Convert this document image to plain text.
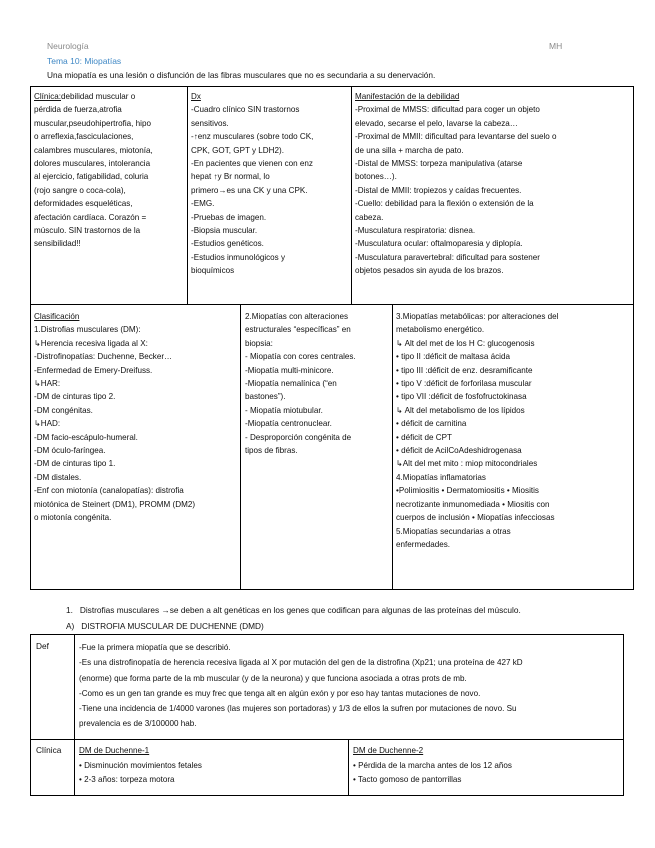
Neurología	MH
Tema 10: Miopatías
Una miopatía es una lesión o disfunción de las fibras musculares que no es secundaria a su denervación.
Clínica:debilidad muscular o
pérdida de fuerza,atrofia
muscular,pseudohipertrofia, hipo
o arreflexia,fasciculaciones,
calambres musculares, miotonía,
dolores musculares, intolerancia
al ejercicio, fatigabilidad, coluria
(rojo sangre o coca-cola),
deformidades esqueléticas,
afectación cardíaca. Corazón =
músculo. SIN trastornos de la
sensibilidad!!
Dx
-Cuadro clínico SIN trastornos
sensitivos.
-↑enz musculares (sobre todo CK,
CPK, GOT, GPT y LDH2).
-En pacientes que vienen con enz
hepat ↑y Br normal, lo
primero→es una CK y una CPK.
-EMG.
-Pruebas de imagen.
-Biopsia muscular.
-Estudios genéticos.
-Estudios inmunológicos y
bioquímicos
Manifestación de la debilidad
-Proximal de MMSS: dificultad para coger un objeto
elevado, secarse el pelo, lavarse la cabeza…
-Proximal de MMII: dificultad para levantarse del suelo o
de una silla + marcha de pato.
-Distal de MMSS: torpeza manipulativa (atarse
botones…).
-Distal de MMII: tropiezos y caídas frecuentes.
-Cuello: debilidad para la flexión o extensión de la
cabeza.
-Musculatura respiratoria: disnea.
-Musculatura ocular: oftalmoparesia y diplopía.
-Musculatura paravertebral: dificultad para sostener
objetos pesados sin ayuda de los brazos.
Clasificación
1.Distrofias musculares (DM):
↳Herencia recesiva ligada al X:
-Distrofinopatías: Duchenne, Becker…
-Enfermedad de Emery-Dreifuss.
↳HAR:
-DM de cinturas tipo 2.
-DM congénitas.
↳HAD:
-DM facio-escápulo-humeral.
-DM óculo-faríngea.
-DM de cinturas tipo 1.
-DM distales.
-Enf con miotonía (canalopatías): distrofia
miotónica de Steinert (DM1), PROMM (DM2)
o miotonía congénita.
2.Miopatías con alteraciones
estructurales “específicas” en
biopsia:
- Miopatía con cores centrales.
-Miopatía multi-minicore.
-Miopatía nemalínica (“en
bastones”).
- Miopatía miotubular.
-Miopatía centronuclear.
- Desproporción congénita de
tipos de fibras.
3.Miopatías metabólicas: por alteraciones del
metabolismo energético.
↳ Alt del met de los H C: glucogenosis
• tipo II :déficit de maltasa ácida
• tipo III :déficit de enz. desramificante
• tipo V :déficit de forforilasa muscular
• tipo VII :déficit de fosfofructokinasa
↳ Alt del metabolismo de los lípidos
• déficit de carnitina
• déficit de CPT
• déficit de AcilCoAdeshidrogenasa
↳Alt del met mito : miop mitocondriales
4.Miopatías inflamatorias
•Polimiositis • Dermatomiositis • Miositis
necrotizante inmunomediada • Miositis con
cuerpos de inclusión • Miopatías infecciosas
5.Miopatías secundarias a otras
enfermedades.
1. Distrofias musculares →se deben a alt genéticas en los genes que codifican para algunas de las proteínas del músculo.
A) DISTROFIA MUSCULAR DE DUCHENNE (DMD)
Def	-Fue la primera miopatía que se describió.
-Es una distrofinopatía de herencia recesiva ligada al X por mutación del gen de la distrofina (Xp21; una proteína de 427 kD
(enorme) que forma parte de la mb muscular (y de la neurona) y que funciona asociada a otras prots de mb.
-Como es un gen tan grande es muy frec que tenga alt en algún exón y por eso hay tantas mutaciones de novo.
-Tiene una incidencia de 1/4000 varones (las mujeres son portadoras) y 1/3 de ellos la sufren por mutaciones de novo. Su
prevalencia es de 3/100000 hab.
Clínica DM de Duchenne-1
• Disminución movimientos fetales
• 2-3 años: torpeza motora
DM de Duchenne-2
• Pérdida de la marcha antes de los 12 años
• Tacto gomoso de pantorrillas
